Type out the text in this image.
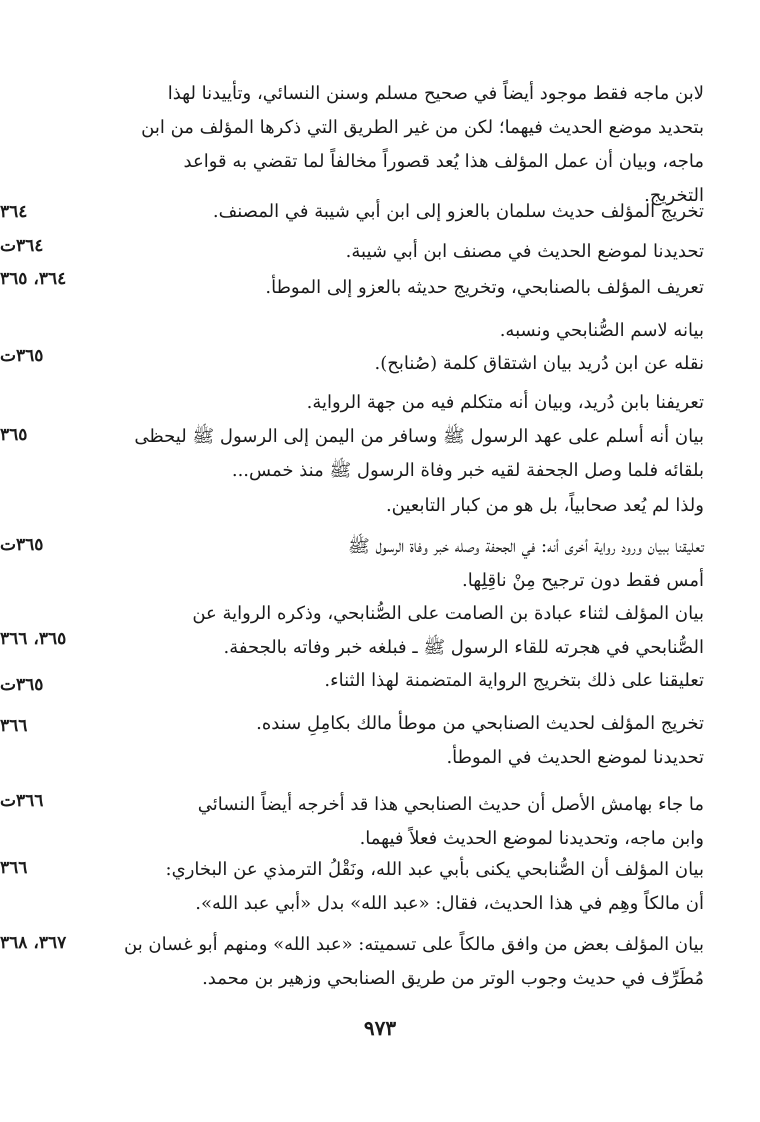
لابن ماجه فقط موجود أيضاً في صحيح مسلم وسنن النسائي، وتأييدنا لهذا

بتحديد موضع الحديث فيهما؛ لكن من غير الطريق التي ذكرها المؤلف من ابن

ماجه، وبيان أن عمل المؤلف هذا يُعد قصوراً مخالفاً لما تقضي به قواعد

التخريج.

تخريج المؤلف حديث سلمان بالعزو إلى ابن أبي شيبة في المصنف.

٣٦٤

تحديدنا لموضع الحديث في مصنف ابن أبي شيبة.

٣٦٤ت

تعريف المؤلف بالصنابحي، وتخريج حديثه بالعزو إلى الموطأ.

٣٦٤، ٣٦٥

بيانه لاسم الصُّنابحي ونسبه.

نقله عن ابن دُريد بيان اشتقاق كلمة (صُنابح).

٣٦٥ت

تعريفنا بابن دُريد، وبيان أنه متكلم فيه من جهة الرواية.

بيان أنه أسلم على عهد الرسول ﷺ وسافر من اليمن إلى الرسول ﷺ ليحظى

بلقائه فلما وصل الجحفة لقيه خبر وفاة الرسول ﷺ منذ خمس...

٣٦٥

ولذا لم يُعد صحابياً، بل هو من كبار التابعين.

تعليقنا ببيان ورود رواية أخرى أنه: في الجحفة وصله خبر وفاة الرسول ﷺ

أمس فقط دون ترجيح مِنْ ناقِلِها.

٣٦٥ت

بيان المؤلف لثناء عبادة بن الصامت على الصُّنابحي، وذكره الرواية عن

الصُّنابحي في هجرته للقاء الرسول ﷺ ـ فبلغه خبر وفاته بالجحفة.

٣٦٥، ٣٦٦

تعليقنا على ذلك بتخريج الرواية المتضمنة لهذا الثناء.

٣٦٥ت

تخريج المؤلف لحديث الصنابحي من موطأ مالك بكامِلِ سنده.

تحديدنا لموضع الحديث في الموطأ.

٣٦٦

ما جاء بهامش الأصل أن حديث الصنابحي هذا قد أخرجه أيضاً النسائي

وابن ماجه، وتحديدنا لموضع الحديث فعلاً فيهما.

٣٦٦ت

بيان المؤلف أن الصُّنابحي يكنى بأبي عبد الله، ونَقْلُ الترمذي عن البخاري:

أن مالكاً وهِم في هذا الحديث، فقال: «عبد الله» بدل «أبي عبد الله».

٣٦٦

بيان المؤلف بعض من وافق مالكاً على تسميته: «عبد الله» ومنهم أبو غسان بن

مُطَرِّف في حديث وجوب الوتر من طريق الصنابحي وزهير بن محمد.

٣٦٧، ٣٦٨
٩٧٣
